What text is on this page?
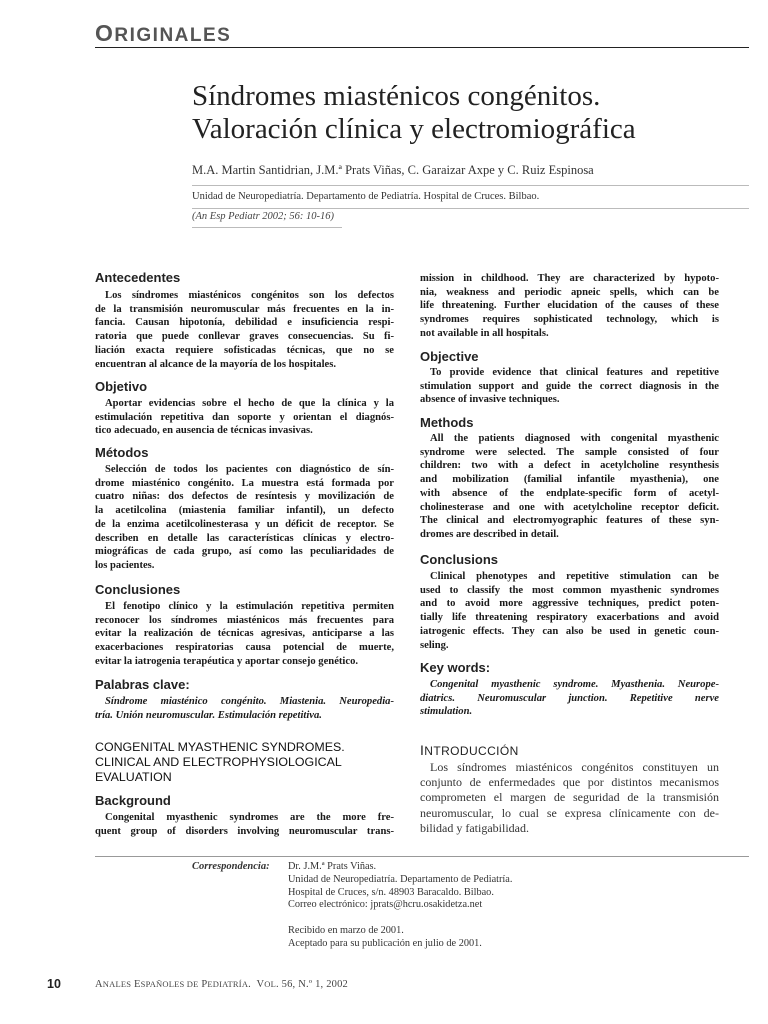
ORIGINALES
Síndromes miasténicos congénitos.
Valoración clínica y electromiográfica
M.A. Martin Santidrian, J.M.ª Prats Viñas, C. Garaizar Axpe y C. Ruiz Espinosa
Unidad de Neuropediatría. Departamento de Pediatría. Hospital de Cruces. Bilbao.
(An Esp Pediatr 2002; 56: 10-16)
Antecedentes
Los síndromes miasténicos congénitos son los defectos
de la transmisión neuromuscular más frecuentes en la in-
fancia. Causan hipotonía, debilidad e insuficiencia respi-
ratoria que puede conllevar graves consecuencias. Su fi-
liación exacta requiere sofisticadas técnicas, que no se
encuentran al alcance de la mayoría de los hospitales.
Objetivo
Aportar evidencias sobre el hecho de que la clínica y la
estimulación repetitiva dan soporte y orientan el diagnós-
tico adecuado, en ausencia de técnicas invasivas.
Métodos
Selección de todos los pacientes con diagnóstico de sín-
drome miasténico congénito. La muestra está formada por
cuatro niñas: dos defectos de resíntesis y movilización de
la acetilcolina (miastenia familiar infantil), un defecto
de la enzima acetilcolinesterasa y un déficit de receptor. Se
describen en detalle las características clínicas y electro-
miográficas de cada grupo, así como las peculiaridades de
los pacientes.
Conclusiones
El fenotipo clínico y la estimulación repetitiva permiten
reconocer los síndromes miasténicos más frecuentes para
evitar la realización de técnicas agresivas, anticiparse a las
exacerbaciones respiratorias causa potencial de muerte,
evitar la iatrogenia terapéutica y aportar consejo genético.
Palabras clave:
Síndrome miasténico congénito. Miastenia. Neuropedia-
tría. Unión neuromuscular. Estimulación repetitiva.
CONGENITAL MYASTHENIC SYNDROMES.
CLINICAL AND ELECTROPHYSIOLOGICAL
EVALUATION
Background
Congenital myasthenic syndromes are the more fre-
quent group of disorders involving neuromuscular trans-
mission in childhood. They are characterized by hypoto-
nia, weakness and periodic apneic spells, which can be
life threatening. Further elucidation of the causes of these
syndromes requires sophisticated technology, which is
not available in all hospitals.
Objective
To provide evidence that clinical features and repetitive
stimulation support and guide the correct diagnosis in the
absence of invasive techniques.
Methods
All the patients diagnosed with congenital myasthenic
syndrome were selected. The sample consisted of four
children: two with a defect in acetylcholine resynthesis
and mobilization (familial infantile myasthenia), one
with absence of the endplate-specific form of acetyl-
cholinesterase and one with acetylcholine receptor deficit.
The clinical and electromyographic features of these syn-
dromes are described in detail.
Conclusions
Clinical phenotypes and repetitive stimulation can be
used to classify the most common myasthenic syndromes
and to avoid more aggressive techniques, predict poten-
tially life threatening respiratory exacerbations and avoid
iatrogenic effects. They can also be used in genetic coun-
seling.
Key words:
Congenital myasthenic syndrome. Myasthenia. Neurope-
diatrics. Neuromuscular junction. Repetitive nerve
stimulation.
INTRODUCCIÓN
Los síndromes miasténicos congénitos constituyen un
conjunto de enfermedades que por distintos mecanismos
comprometen el margen de seguridad de la transmisión
neuromuscular, lo cual se expresa clínicamente con de-
bilidad y fatigabilidad.
Correspondencia: Dr. J.M.ª Prats Viñas.
Unidad de Neuropediatría. Departamento de Pediatría.
Hospital de Cruces, s/n. 48903 Baracaldo. Bilbao.
Correo electrónico: jprats@hcru.osakidetza.net
Recibido en marzo de 2001.
Aceptado para su publicación en julio de 2001.
10	ANALES ESPAÑOLES DE PEDIATRÍA. VOL. 56, N.º 1, 2002
